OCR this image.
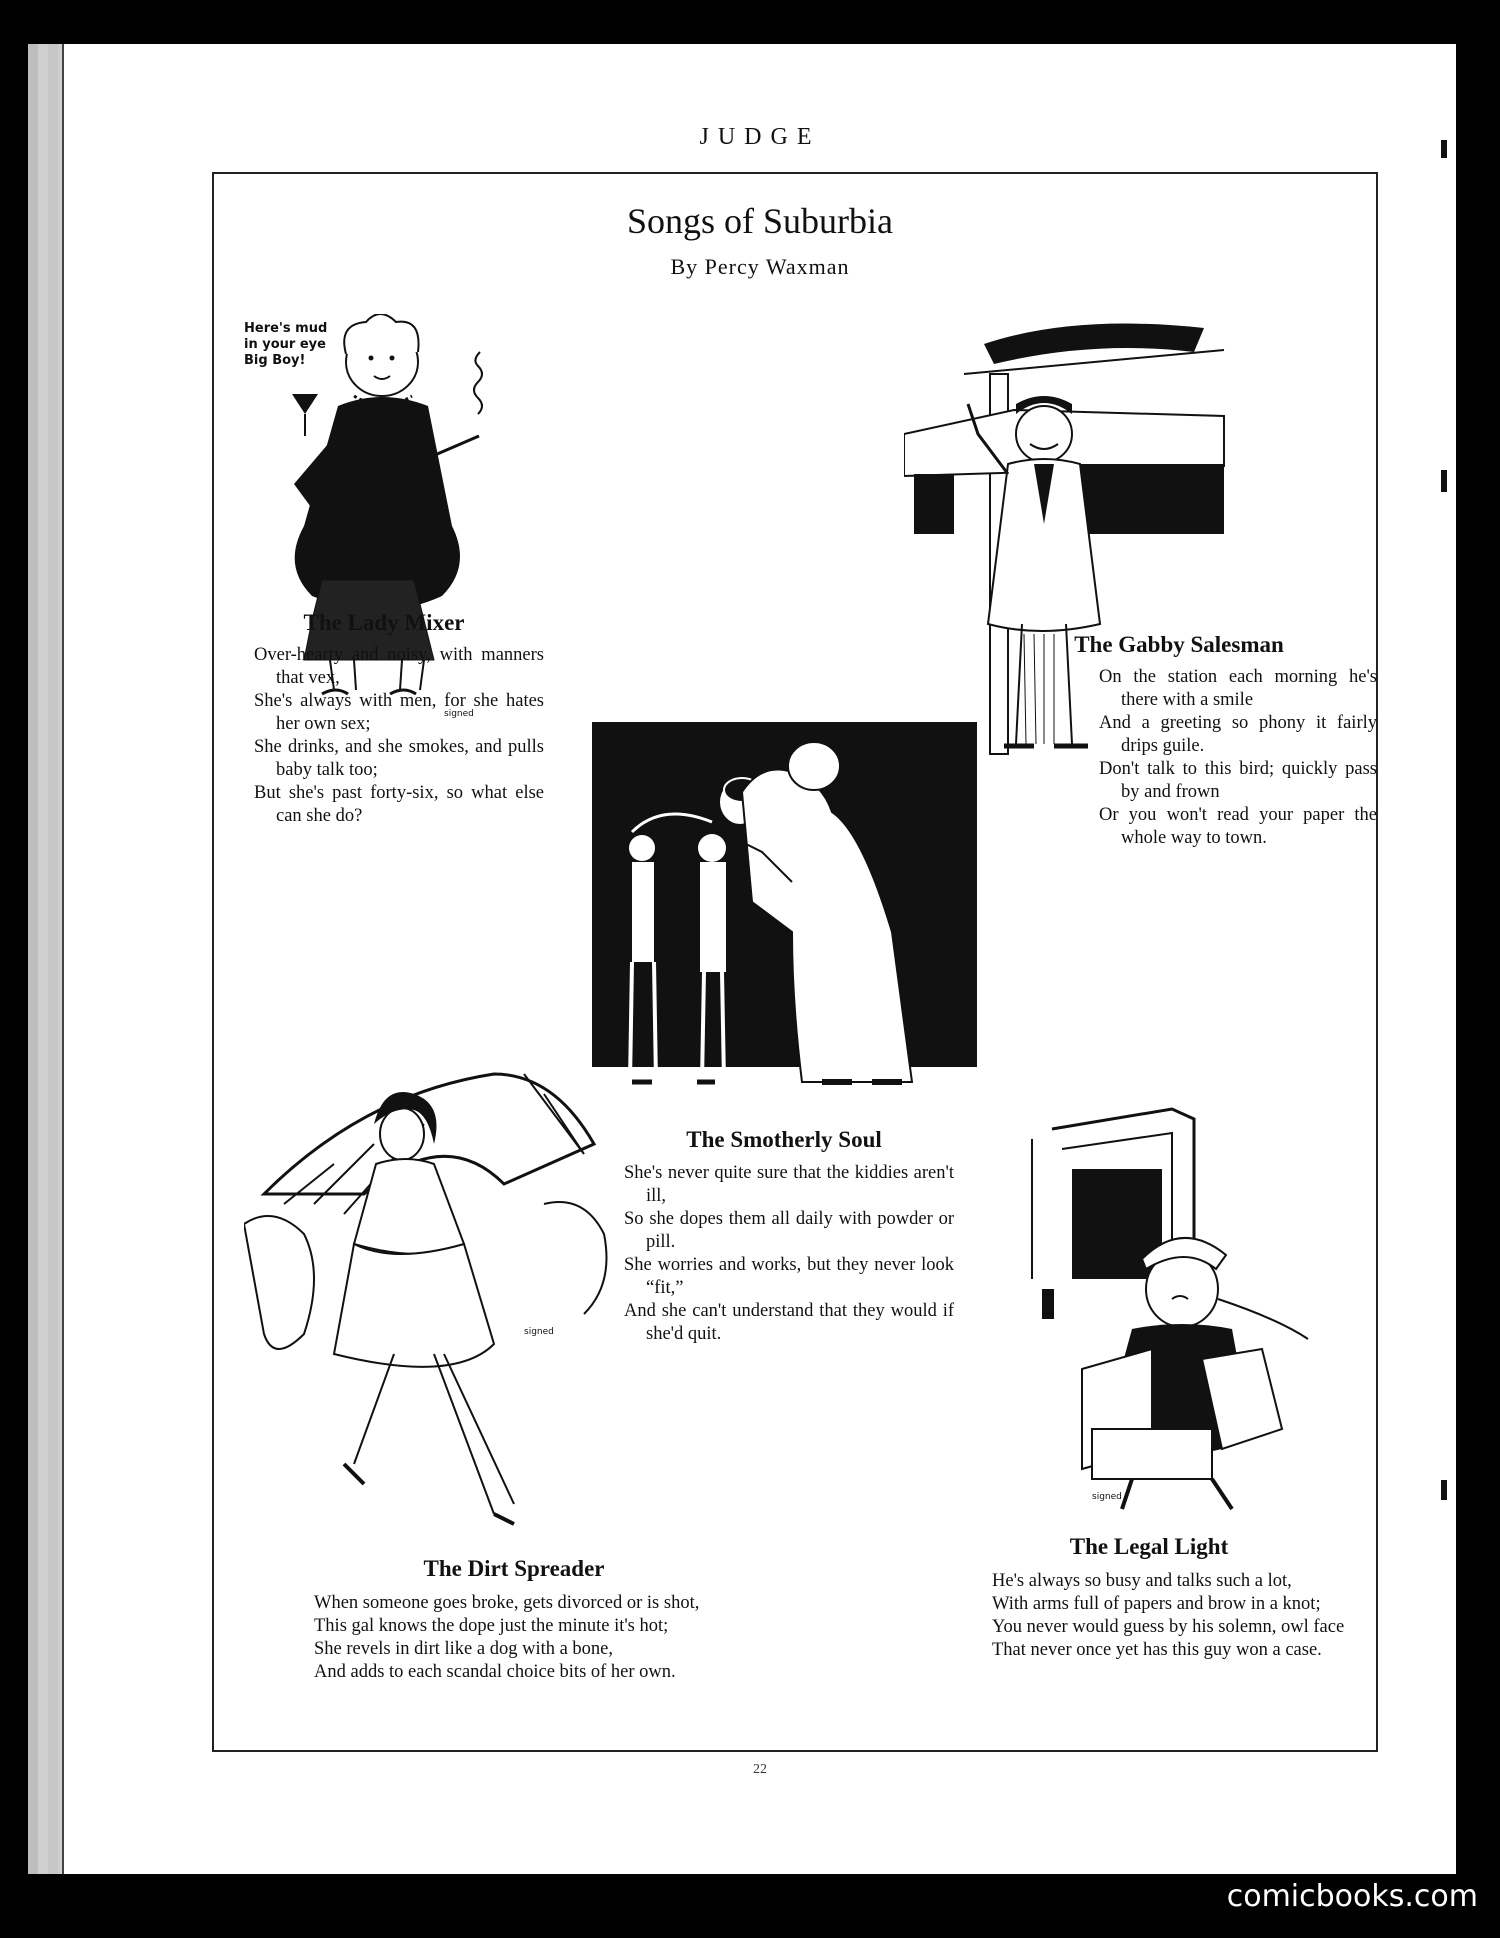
JUDGE
Songs of Suburbia
By Percy Waxman
Here's mud
in your eye
Big Boy!
signed
The Lady Mixer
Over-hearty and noisy, with manners that vex,
She's always with men, for she hates her own sex;
She drinks, and she smokes, and pulls baby talk too;
But she's past forty-six, so what else can she do?
The Gabby Salesman
On the station each morning he's there with a smile
And a greeting so phony it fairly drips guile.
Don't talk to this bird; quickly pass by and frown
Or you won't read your paper the whole way to town.
The Smotherly Soul
She's never quite sure that the kiddies aren't ill,
So she dopes them all daily with powder or pill.
She worries and works, but they never look “fit,”
And she can't understand that they would if she'd quit.
signed
The Dirt Spreader
When someone goes broke, gets divorced or is shot,
This gal knows the dope just the minute it's hot;
She revels in dirt like a dog with a bone,
And adds to each scandal choice bits of her own.
signed
The Legal Light
He's always so busy and talks such a lot,
With arms full of papers and brow in a knot;
You never would guess by his solemn, owl face
That never once yet has this guy won a case.
22
comicbooks.com
